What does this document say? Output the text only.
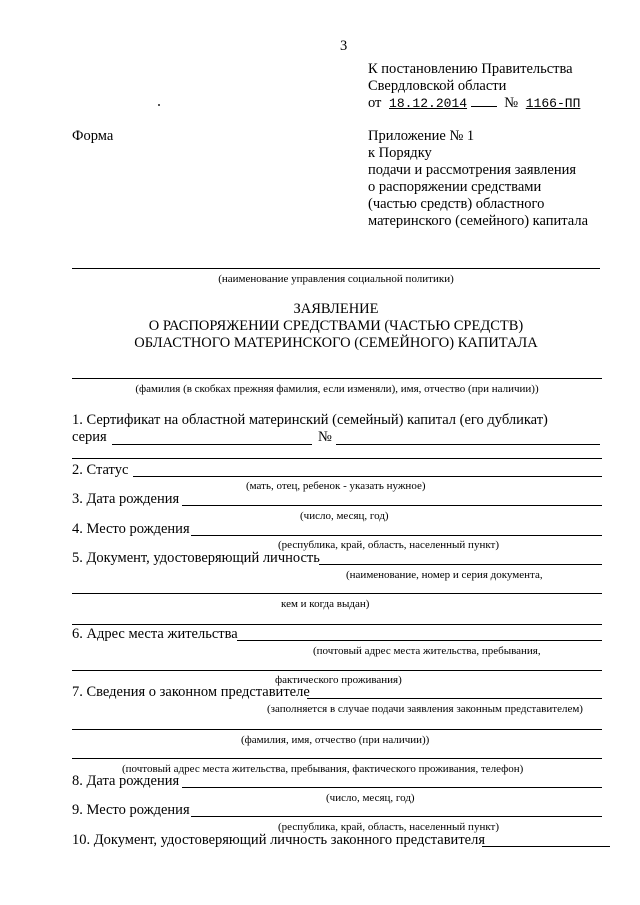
3
К постановлению Правительства
Свердловской области
от 18.12.2014	№ 1166-ПП
Форма	Приложение № 1
к Порядку
подачи и рассмотрения заявления
о распоряжении средствами
(частью средств) областного
материнского (семейного) капитала
(наименование управления социальной политики)
ЗАЯВЛЕНИЕ
О РАСПОРЯЖЕНИИ СРЕДСТВАМИ (ЧАСТЬЮ СРЕДСТВ)
ОБЛАСТНОГО МАТЕРИНСКОГО (СЕМЕЙНОГО) КАПИТАЛА
(фамилия (в скобках прежняя фамилия, если изменяли), имя, отчество (при наличии))
1. Сертификат на областной материнский (семейный) капитал (его дубликат)
серия	№
2. Статус
(мать, отец, ребенок - указать нужное)
3. Дата рождения
(число, месяц, год)
4. Место рождения
(республика, край, область, населенный пункт)
5. Документ, удостоверяющий личность
(наименование, номер и серия документа,
кем и когда выдан)
6. Адрес места жительства
(почтовый адрес места жительства, пребывания,
фактического проживания)
7. Сведения о законном представителе
(заполняется в случае подачи заявления законным представителем)
(фамилия, имя, отчество (при наличии))
(почтовый адрес места жительства, пребывания, фактического проживания, телефон)
8. Дата рождения
(число, месяц, год)
9. Место рождения
(республика, край, область, населенный пункт)
10. Документ, удостоверяющий личность законного представителя
